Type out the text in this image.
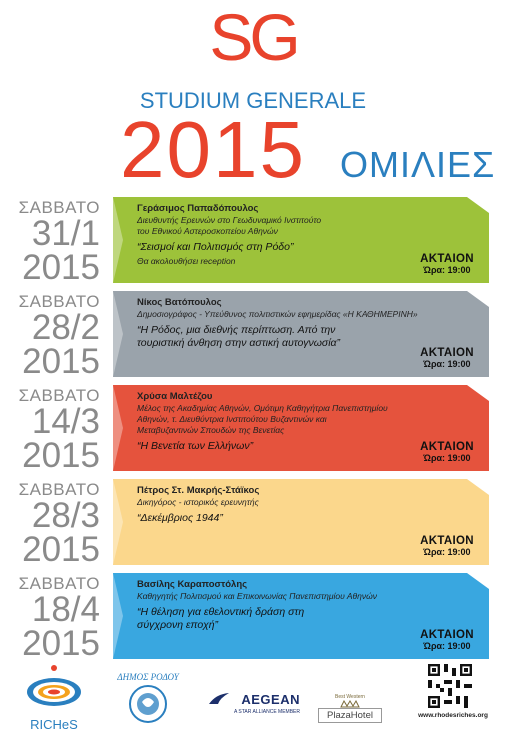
SG
STUDIUM GENERALE
2015 ΟΜΙΛΙΕΣ
ΣΑΒΒΑΤΟ
31/1
2015
Γεράσιμος Παπαδόπουλος
Διευθυντής Ερευνών στο Γεωδυναμικό Ινστιτούτο
του Εθνικού Αστεροσκοπείου Αθηνών
“Σεισμοί και Πολιτισμός στη Ρόδο”
Θα ακολουθήσει reception	ΑΚΤΑΙΟΝ
Ώρα: 19:00
ΣΑΒΒΑΤΟ
28/2
2015
Νίκος Βατόπουλος
Δημοσιογράφος - Υπεύθυνος πολιτιστικών εφημερίδας «Η ΚΑΘΗΜΕΡΙΝΗ»
“Η Ρόδος, μια διεθνής περίπτωση. Από την
τουριστική άνθηση στην αστική αυτογνωσία”
ΑΚΤΑΙΟΝ
Ώρα: 19:00
ΣΑΒΒΑΤΟ
14/3
2015
Χρύσα Μαλτέζου
Μέλος της Ακαδημίας Αθηνών, Ομότιμη Καθηγήτρια Πανεπιστημίου
Αθηνών, τ. Διευθύντρια Ινστιτούτου Βυζαντινών και
Μεταβυζαντινών Σπουδών της Βενετίας
“Η Βενετία των Ελλήνων”	ΑΚΤΑΙΟΝ
Ώρα: 19:00
ΣΑΒΒΑΤΟ
28/3
2015
Πέτρος Στ. Μακρής-Στάϊκος
Δικηγόρος - ιστορικός ερευνητής
“Δεκέμβριος 1944”
ΑΚΤΑΙΟΝ
Ώρα: 19:00
ΣΑΒΒΑΤΟ
18/4
2015
Βασίλης Καραποστόλης
Καθηγητής Πολιτισμού και Επικοινωνίας Πανεπιστημίου Αθηνών
“Η θέληση για εθελοντική δράση στη
σύγχρονη εποχή”
ΑΚΤΑΙΟΝ
Ώρα: 19:00
RICHeS
ΔΗΜΟΣ ΡΟΔΟΥ
AEGEAN
A STAR ALLIANCE MEMBER
Best Western
PlazaHotel	www.rhodesriches.org
